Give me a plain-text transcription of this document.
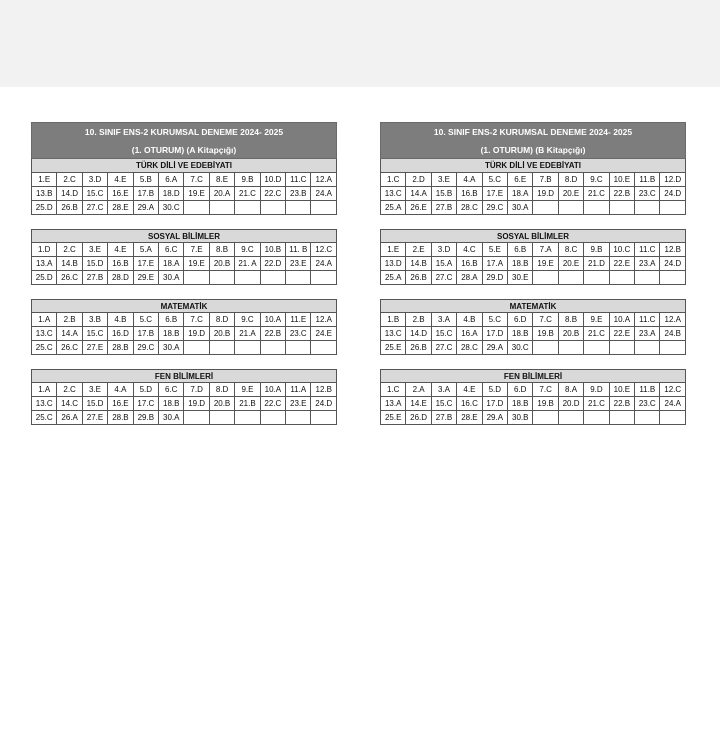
10. SINIF ENS-2 KURUMSAL DENEME 2024- 2025
(1. OTURUM) (A Kitapçığı)
TÜRK DİLİ VE EDEBİYATI
1.E	2.C	3.D	4.E	5.B	6.A	7.C	8.E	9.B	10.D	11.C	12.A
13.B	14.D	15.C	16.E	17.B	18.D	19.E	20.A	21.C	22.C	23.B	24.A
25.D	26.B	27.C	28.E	29.A	30.C						
SOSYAL BİLİMLER
1.D	2.C	3.E	4.E	5.A	6.C	7.E	8.B	9.C	10.B	11. B	12.C
13.A	14.B	15.D	16.B	17.E	18.A	19.E	20.B	21. A	22.D	23.E	24.A
25.D	26.C	27.B	28.D	29.E	30.A						
MATEMATİK
1.A	2.B	3.B	4.B	5.C	6.B	7.C	8.D	9.C	10.A	11.E	12.A
13.C	14.A	15.C	16.D	17.B	18.B	19.D	20.B	21.A	22.B	23.C	24.E
25.C	26.C	27.E	28.B	29.C	30.A						
FEN BİLİMLERİ
1.A	2.C	3.E	4.A	5.D	6.C	7.D	8.D	9.E	10.A	11.A	12.B
13.C	14.C	15.D	16.E	17.C	18.B	19.D	20.B	21.B	22.C	23.E	24.D
25.C	26.A	27.E	28.B	29.B	30.A						
10. SINIF ENS-2 KURUMSAL DENEME 2024- 2025
(1. OTURUM) (B Kitapçığı)
TÜRK DİLİ VE EDEBİYATI
1.C	2.D	3.E	4.A	5.C	6.E	7.B	8.D	9.C	10.E	11.B	12.D
13.C	14.A	15.B	16.B	17.E	18.A	19.D	20.E	21.C	22.B	23.C	24.D
25.A	26.E	27.B	28.C	29.C	30.A						
SOSYAL BİLİMLER
1.E	2.E	3.D	4.C	5.E	6.B	7.A	8.C	9.B	10.C	11.C	12.B
13.D	14.B	15.A	16.B	17.A	18.B	19.E	20.E	21.D	22.E	23.A	24.D
25.A	26.B	27.C	28.A	29.D	30.E						
MATEMATİK
1.B	2.B	3.A	4.B	5.C	6.D	7.C	8.B	9.E	10.A	11.C	12.A
13.C	14.D	15.C	16.A	17.D	18.B	19.B	20.B	21.C	22.E	23.A	24.B
25.E	26.B	27.C	28.C	29.A	30.C						
FEN BİLİMLERİ
1.C	2.A	3.A	4.E	5.D	6.D	7.C	8.A	9.D	10.E	11.B	12.C
13.A	14.E	15.C	16.C	17.D	18.B	19.B	20.D	21.C	22.B	23.C	24.A
25.E	26.D	27.B	28.E	29.A	30.B						
